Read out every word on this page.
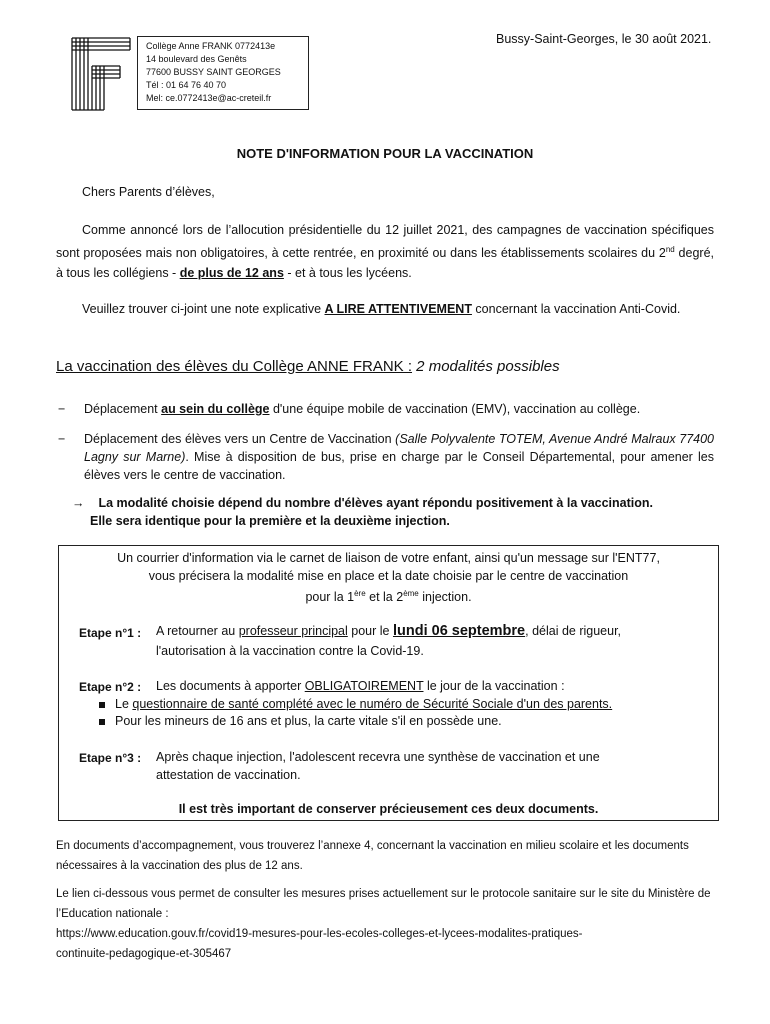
Bussy-Saint-Georges, le 30 août 2021.
Collège Anne FRANK 0772413e
14 boulevard des Genêts
77600 BUSSY SAINT GEORGES
Tél : 01 64 76 40 70
Mel: ce.0772413e@ac-creteil.fr
NOTE D'INFORMATION POUR LA VACCINATION
Chers Parents d’élèves,
Comme annoncé lors de l’allocution présidentielle du 12 juillet 2021, des campagnes de vaccination spécifiques sont proposées mais non obligatoires, à cette rentrée, en proximité ou dans les établissements scolaires du 2nd degré, à tous les collégiens - de plus de 12 ans - et à tous les lycéens.
Veuillez trouver ci-joint une note explicative A LIRE ATTENTIVEMENT concernant la vaccination Anti-Covid.
La vaccination des élèves du Collège ANNE FRANK : 2 modalités possibles
− Déplacement au sein du collège d'une équipe mobile de vaccination (EMV), vaccination au collège.
− Déplacement des élèves vers un Centre de Vaccination (Salle Polyvalente TOTEM, Avenue André Malraux 77400 Lagny sur Marne). Mise à disposition de bus, prise en charge par le Conseil Départemental, pour amener les élèves vers le centre de vaccination.
→ La modalité choisie dépend du nombre d'élèves ayant répondu positivement à la vaccination.
Elle sera identique pour la première et la deuxième injection.
Un courrier d'information via le carnet de liaison de votre enfant, ainsi qu'un message sur l'ENT77,
vous précisera la modalité mise en place et la date choisie par le centre de vaccination
pour la 1ère et la 2ème injection.
Etape n°1 : A retourner au professeur principal pour le lundi 06 septembre, délai de rigueur,
l'autorisation à la vaccination contre la Covid-19.
Etape n°2 : Les documents à apporter OBLIGATOIREMENT le jour de la vaccination :
Le questionnaire de santé complété avec le numéro de Sécurité Sociale d'un des parents.
Pour les mineurs de 16 ans et plus, la carte vitale s'il en possède une.
Etape n°3 : Après chaque injection, l'adolescent recevra une synthèse de vaccination et une
attestation de vaccination.
Il est très important de conserver précieusement ces deux documents.
En documents d’accompagnement, vous trouverez l’annexe 4, concernant la vaccination en milieu scolaire et les documents nécessaires à la vaccination des plus de 12 ans.
Le lien ci-dessous vous permet de consulter les mesures prises actuellement sur le protocole sanitaire sur le site du Ministère de l’Education nationale :
https://www.education.gouv.fr/covid19-mesures-pour-les-ecoles-colleges-et-lycees-modalites-pratiques-
continuite-pedagogique-et-305467
